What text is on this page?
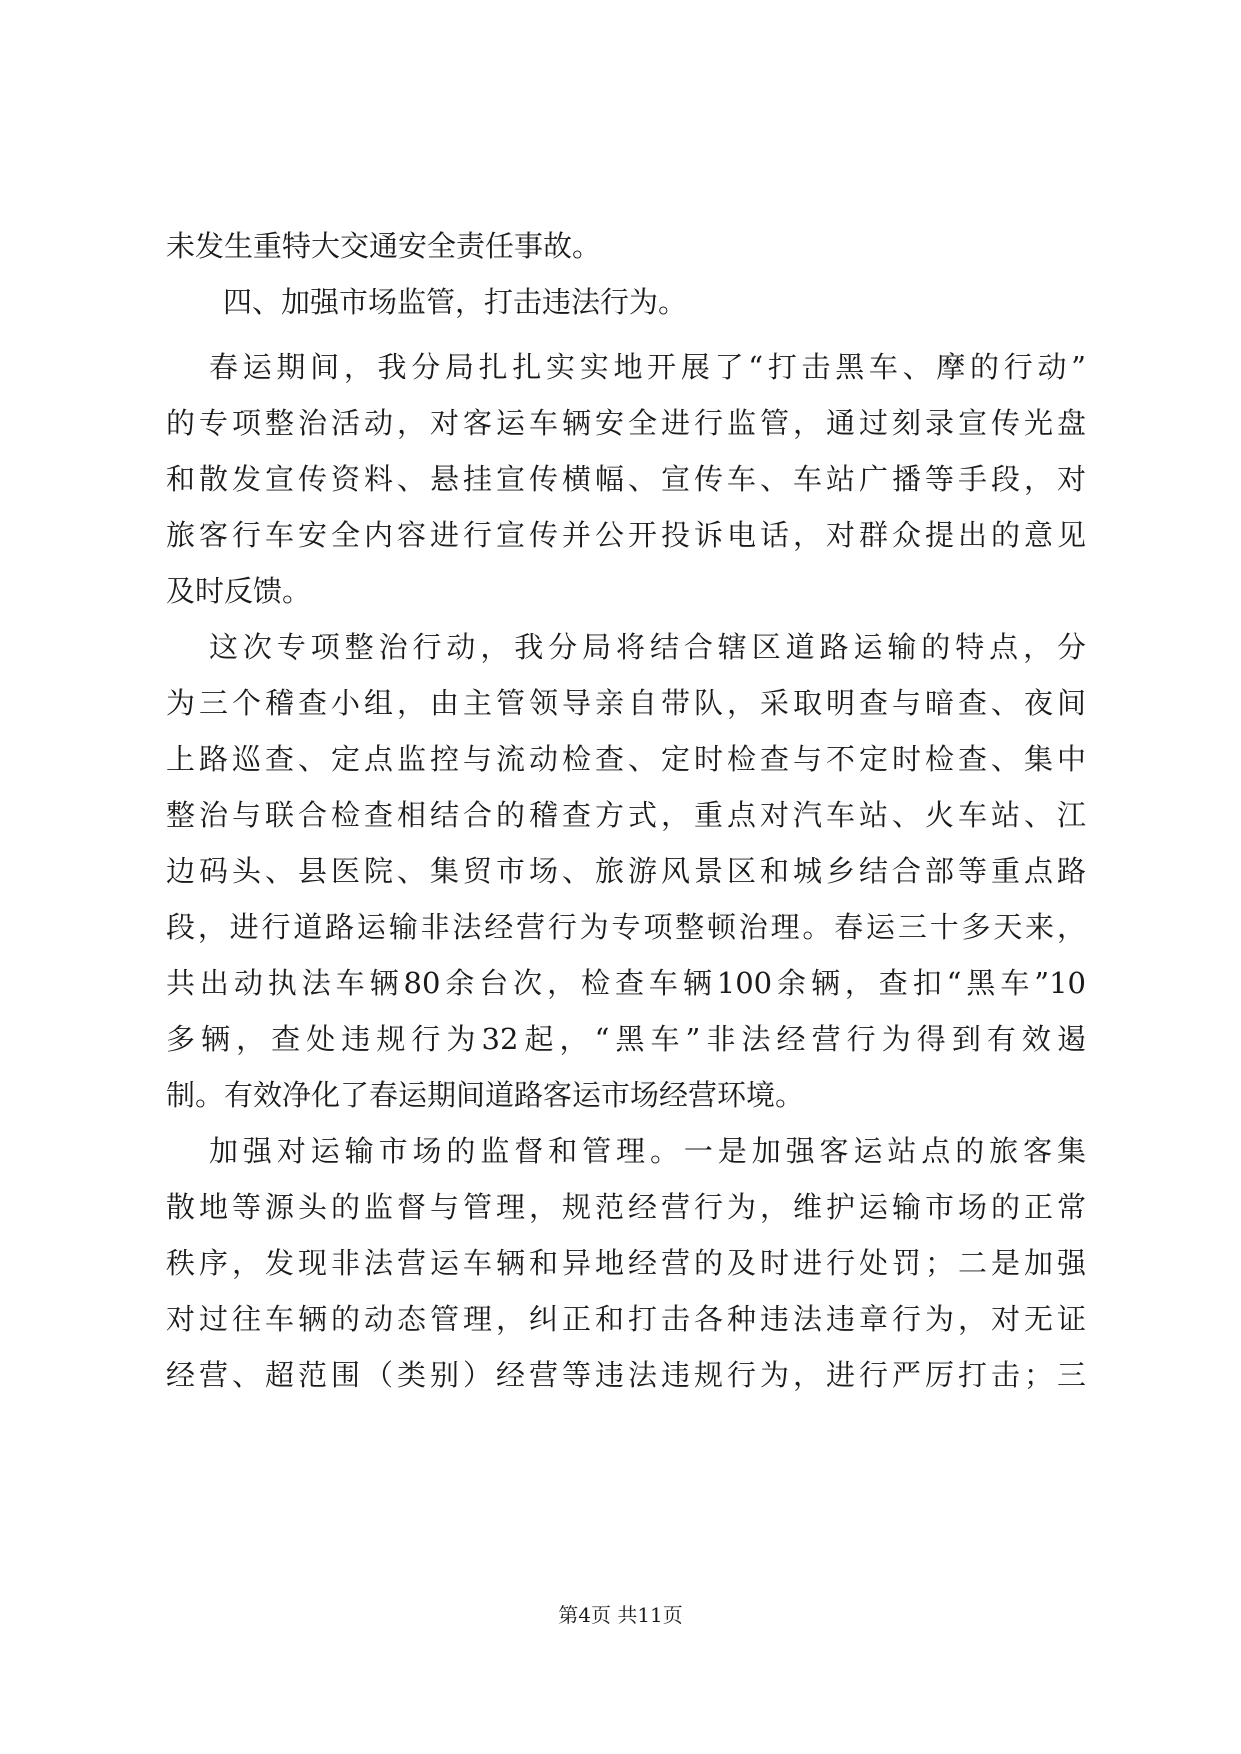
未发生重特大交通安全责任事故。
四、加强市场监管，打击违法行为。
春运期间，我分局扎扎实实地开展了“打击黑车、摩的行动”
的专项整治活动，对客运车辆安全进行监管，通过刻录宣传光盘
和散发宣传资料、悬挂宣传横幅、宣传车、车站广播等手段，对
旅客行车安全内容进行宣传并公开投诉电话，对群众提出的意见
及时反馈。
这次专项整治行动，我分局将结合辖区道路运输的特点，分
为三个稽查小组，由主管领导亲自带队，采取明查与暗查、夜间
上路巡查、定点监控与流动检查、定时检查与不定时检查、集中
整治与联合检查相结合的稽查方式，重点对汽车站、火车站、江
边码头、县医院、集贸市场、旅游风景区和城乡结合部等重点路
段，进行道路运输非法经营行为专项整顿治理。春运三十多天来，
共出动执法车辆80余台次，检查车辆100余辆，查扣“黑车”10
多辆，查处违规行为32起，“黑车”非法经营行为得到有效遏
制。有效净化了春运期间道路客运市场经营环境。
加强对运输市场的监督和管理。一是加强客运站点的旅客集
散地等源头的监督与管理，规范经营行为，维护运输市场的正常
秩序，发现非法营运车辆和异地经营的及时进行处罚；二是加强
对过往车辆的动态管理，纠正和打击各种违法违章行为，对无证
经营、超范围（类别）经营等违法违规行为，进行严厉打击；三
第4页 共11页
